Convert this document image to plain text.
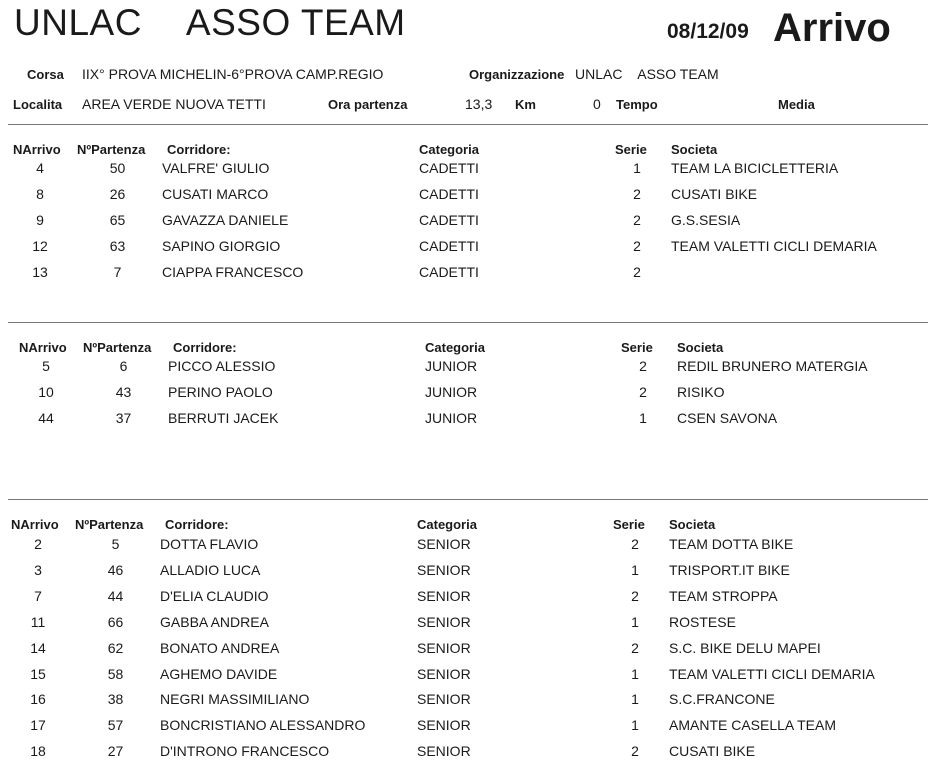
UNLAC ASSO TEAM	08/12/09 Arrivo
Corsa IIX° PROVA MICHELIN-6°PROVA CAMP.REGIO	Organizzazione UNLAC    ASSO TEAM
Localita AREA VERDE NUOVA TETTI	Ora partenza	13,3 Km	0 Tempo	Media
NArrivo NºPartenza Corridore:	Categoria	Serie Societa
4	50	VALFRE' GIULIO	CADETTI	1	TEAM LA BICICLETTERIA
8	26	CUSATI MARCO	CADETTI	2	CUSATI BIKE
9	65	GAVAZZA DANIELE	CADETTI	2	G.S.SESIA
12	63	SAPINO GIORGIO	CADETTI	2	TEAM VALETTI CICLI DEMARIA
13	7	CIAPPA FRANCESCO	CADETTI	2
NArrivo NºPartenza Corridore:	Categoria	Serie Societa
5	6	PICCO ALESSIO	JUNIOR	2	REDIL BRUNERO MATERGIA
10	43	PERINO PAOLO	JUNIOR	2	RISIKO
44	37	BERRUTI JACEK	JUNIOR	1	CSEN SAVONA
NArrivo NºPartenza Corridore:	Categoria	Serie Societa
2	5	DOTTA FLAVIO	SENIOR	2	TEAM DOTTA BIKE
3	46	ALLADIO LUCA	SENIOR	1	TRISPORT.IT BIKE
7	44	D'ELIA CLAUDIO	SENIOR	2	TEAM STROPPA
11	66	GABBA ANDREA	SENIOR	1	ROSTESE
14	62	BONATO ANDREA	SENIOR	2	S.C. BIKE DELU MAPEI
15	58	AGHEMO DAVIDE	SENIOR	1	TEAM VALETTI CICLI DEMARIA
16	38	NEGRI MASSIMILIANO	SENIOR	1	S.C.FRANCONE
17	57	BONCRISTIANO ALESSANDRO	SENIOR	1	AMANTE CASELLA TEAM
18	27	D'INTRONO FRANCESCO	SENIOR	2	CUSATI BIKE
